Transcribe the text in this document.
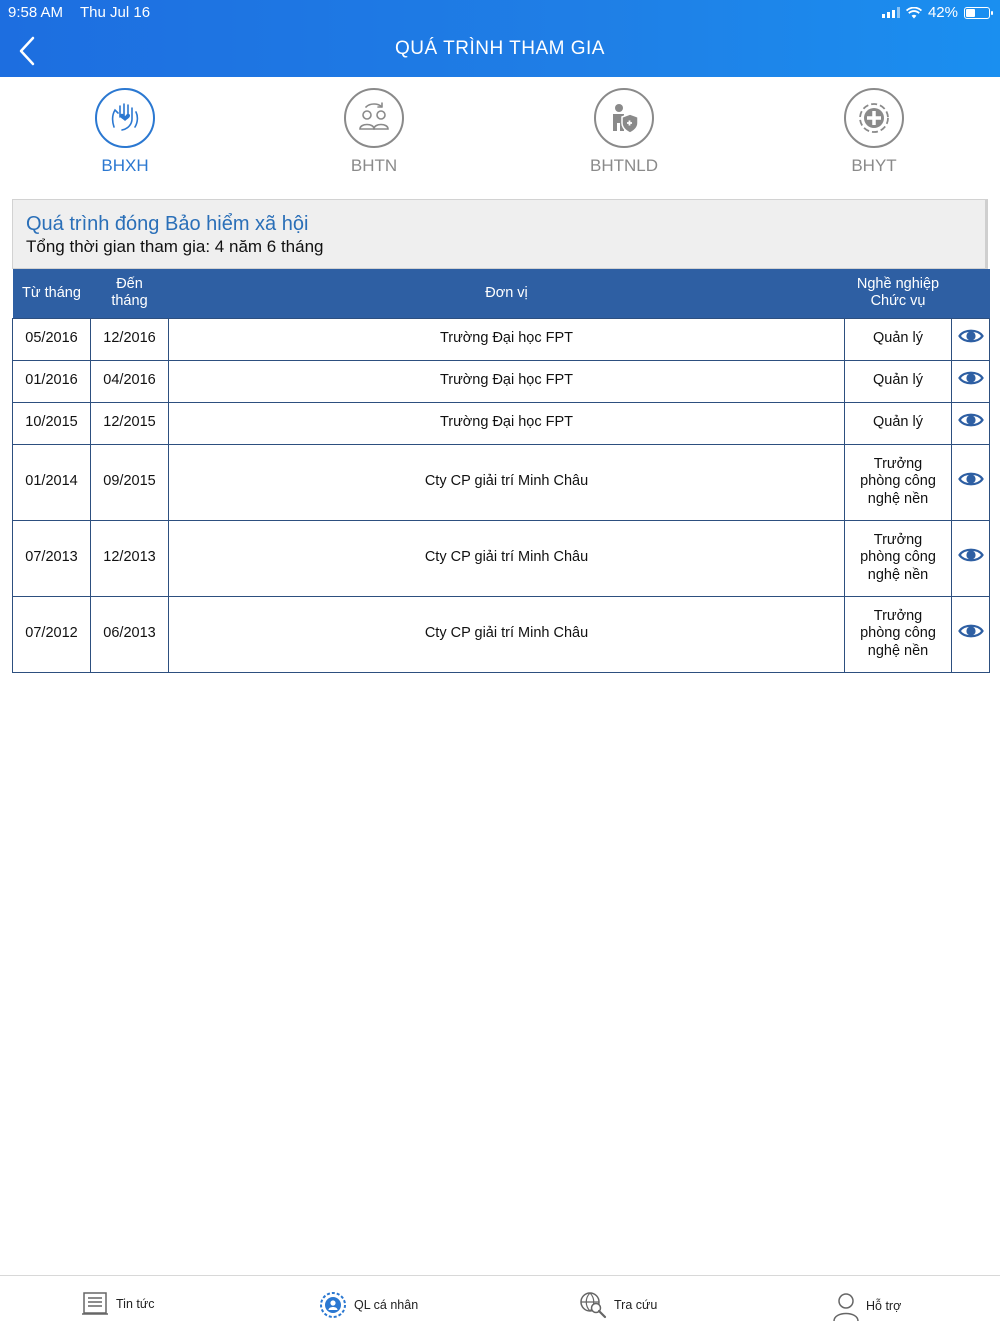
9:58 AM Thu Jul 16	42%
QUÁ TRÌNH THAM GIA
BHXH	BHTN	BHTNLD	BHYT
Quá trình đóng Bảo hiểm xã hội
Tổng thời gian tham gia: 4 năm 6 tháng
Từ tháng	Đến
tháng	Đơn vị	Nghề nghiệp
Chức vụ	
05/2016	12/2016	Trường Đại học FPT	Quản lý	
01/2016	04/2016	Trường Đại học FPT	Quản lý	
10/2015	12/2015	Trường Đại học FPT	Quản lý	
01/2014	09/2015	Cty CP giải trí Minh Châu	Trưởng
phòng công
nghệ nền	
07/2013	12/2013	Cty CP giải trí Minh Châu	Trưởng
phòng công
nghệ nền	
07/2012	06/2013	Cty CP giải trí Minh Châu	Trưởng
phòng công
nghệ nền	
Tin tức	QL cá nhân	Tra cứu	Hỗ trợ
